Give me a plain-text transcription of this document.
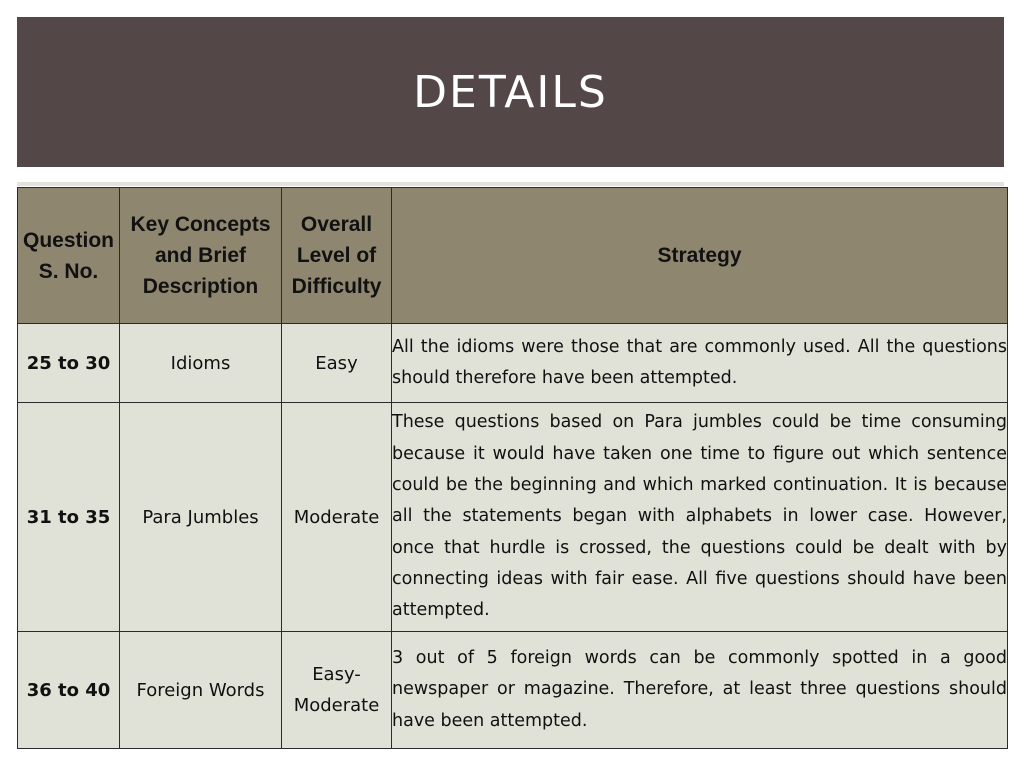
DETAILS
Question S. No.	Key Concepts and Brief Description	Overall Level of Difficulty	Strategy
25 to 30	Idioms	Easy	All the idioms were those that are commonly used. All the questions should therefore have been attempted.
31 to 35	Para Jumbles	Moderate	These questions based on Para jumbles could be time consuming because it would have taken one time to figure out which sentence could be the beginning and which marked continuation. It is because all the statements began with alphabets in lower case. However, once that hurdle is crossed, the questions could be dealt with by connecting ideas with fair ease. All five questions should have been attempted.
36 to 40	Foreign Words	Easy-Moderate	3 out of 5 foreign words can be commonly spotted in a good newspaper or magazine. Therefore, at least three questions should have been attempted.
